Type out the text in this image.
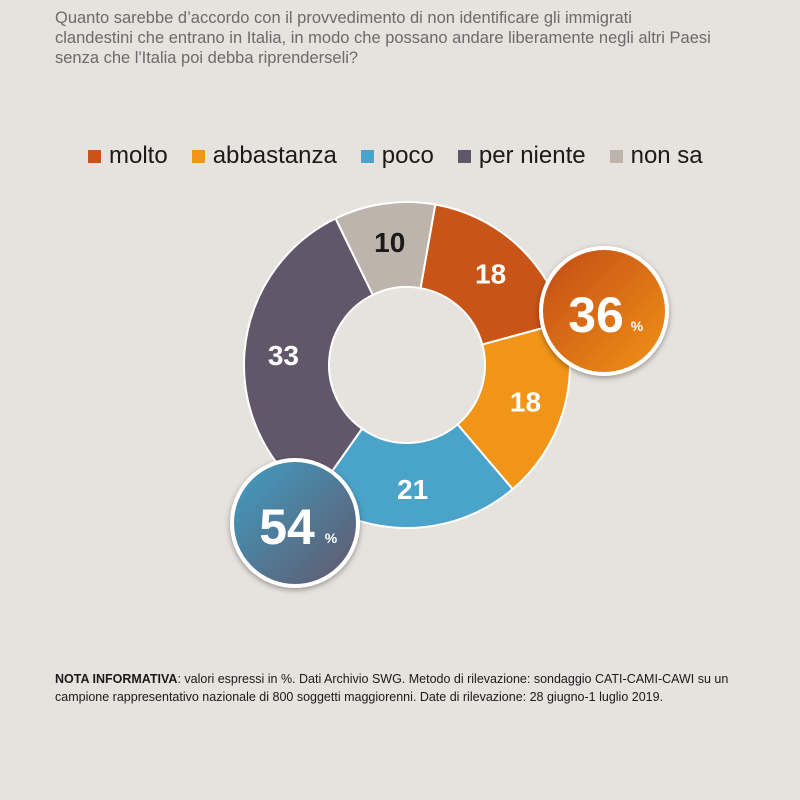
Quanto sarebbe d’accordo con il provvedimento di non identificare gli immigrati
clandestini che entrano in Italia, in modo che possano andare liberamente negli altri Paesi
senza che l'Italia poi debba riprenderseli?

molto abbastanza poco per niente non sa
18
18
21
33
10
36 %
54 %

NOTA INFORMATIVA: valori espressi in %. Dati Archivio SWG. Metodo di rilevazione: sondaggio CATI-CAMI-CAWI su un campione rappresentativo nazionale di 800 soggetti maggiorenni. Date di rilevazione: 28 giugno-1 luglio 2019.
